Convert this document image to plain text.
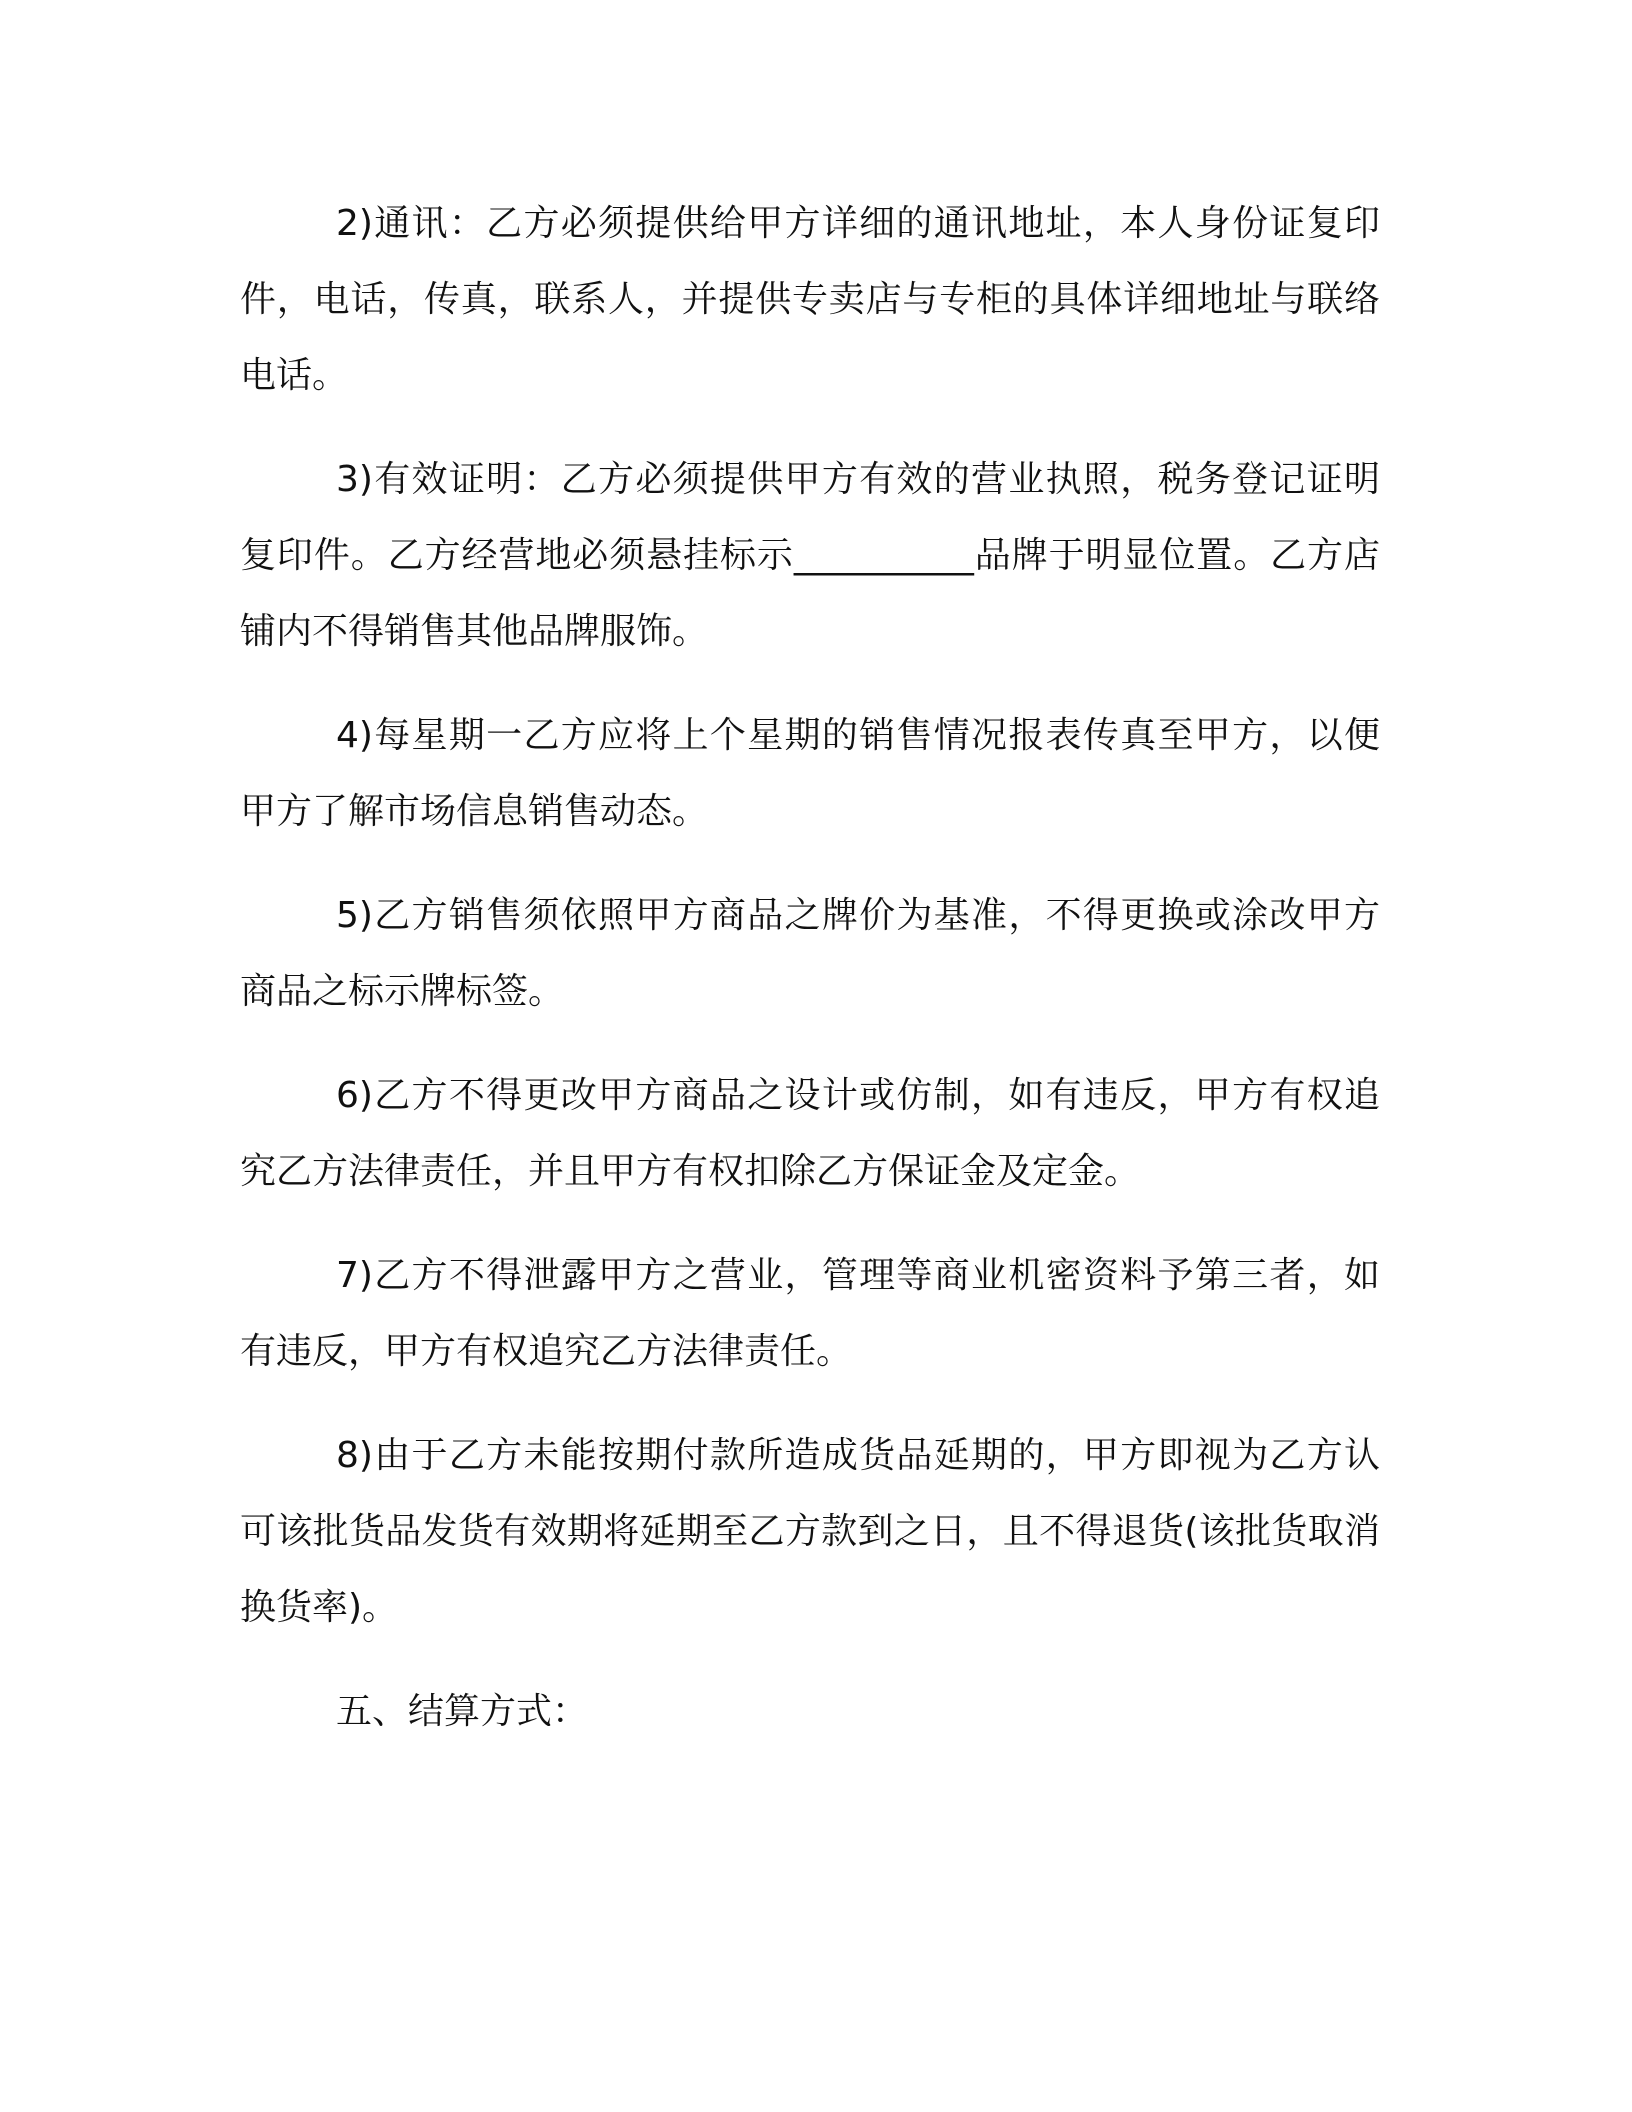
2)通讯：乙方必须提供给甲方详细的通讯地址，本人身份证复印件，电话，传真，联系人，并提供专卖店与专柜的具体详细地址与联络电话。

3)有效证明：乙方必须提供甲方有效的营业执照，税务登记证明复印件。乙方经营地必须悬挂标示__________品牌于明显位置。乙方店铺内不得销售其他品牌服饰。

4)每星期一乙方应将上个星期的销售情况报表传真至甲方，以便甲方了解市场信息销售动态。

5)乙方销售须依照甲方商品之牌价为基准，不得更换或涂改甲方商品之标示牌标签。

6)乙方不得更改甲方商品之设计或仿制，如有违反，甲方有权追究乙方法律责任，并且甲方有权扣除乙方保证金及定金。

7)乙方不得泄露甲方之营业，管理等商业机密资料予第三者，如有违反，甲方有权追究乙方法律责任。

8)由于乙方未能按期付款所造成货品延期的，甲方即视为乙方认可该批货品发货有效期将延期至乙方款到之日，且不得退货(该批货取消换货率)。

五、结算方式：
